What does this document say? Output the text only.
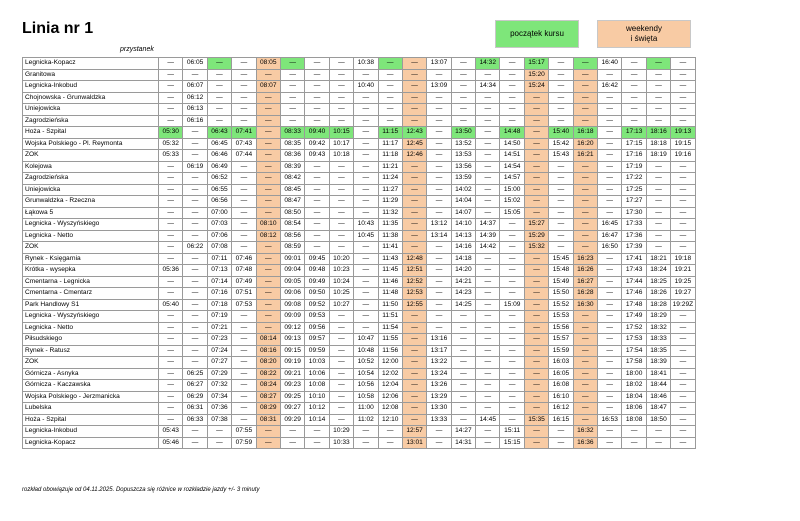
Linia nr 1	początek kursu
weekendy
i święta
przystanek
Legnicka-Kopacz	—	06:05	—	—	08:05	—	—	—	10:38	—	—	13:07	—	14:32	—	15:17	—	—	16:40	—	—	—
Granitowa	—	—	—	—	—	—	—	—	—	—	—	—	—	—	—	15:20	—	—	—	—	—	—
Legnicka-Inkobud	—	06:07	—	—	08:07	—	—	—	10:40	—	—	13:09	—	14:34	—	15:24	—	—	16:42	—	—	—
Chojnowska - Grunwaldzka	—	06:12	—	—	—	—	—	—	—	—	—	—	—	—	—	—	—	—	—	—	—	—
Uniejowicka	—	06:13	—	—	—	—	—	—	—	—	—	—	—	—	—	—	—	—	—	—	—	—
Zagrodzieńska	—	06:16	—	—	—	—	—	—	—	—	—	—	—	—	—	—	—	—	—	—	—	—
Hoża - Szpital	05:30	—	06:43	07:41	—	08:33	09:40	10:15	—	11:15	12:43	—	13:50	—	14:48	—	15:40	16:18	—	17:13	18:16	19:13
Wojska Polskiego - Pl. Reymonta	05:32	—	06:45	07:43	—	08:35	09:42	10:17	—	11:17	12:45	—	13:52	—	14:50	—	15:42	16:20	—	17:15	18:18	19:15
ZOK	05:33	—	06:46	07:44	—	08:36	09:43	10:18	—	11:18	12:46	—	13:53	—	14:51	—	15:43	16:21	—	17:16	18:19	19:16
Kolejowa	—	06:19	06:49	—	—	08:39	—	—	—	11:21	—	—	13:56	—	14:54	—	—	—	—	17:19	—	—
Zagrodzieńska	—	—	06:52	—	—	08:42	—	—	—	11:24	—	—	13:59	—	14:57	—	—	—	—	17:22	—	—
Uniejowicka	—	—	06:55	—	—	08:45	—	—	—	11:27	—	—	14:02	—	15:00	—	—	—	—	17:25	—	—
Grunwaldzka - Rzeczna	—	—	06:56	—	—	08:47	—	—	—	11:29	—	—	14:04	—	15:02	—	—	—	—	17:27	—	—
Łąkowa 5	—	—	07:00	—	—	08:50	—	—	—	11:32	—	—	14:07	—	15:05	—	—	—	—	17:30	—	—
Legnicka - Wyszyńskiego	—	—	07:03	—	08:10	08:54	—	—	10:43	11:35	—	13:12	14:10	14:37	—	15:27	—	—	16:45	17:33	—	—
Legnicka - Netto	—	—	07:06	—	08:12	08:56	—	—	10:45	11:38	—	13:14	14:13	14:39	—	15:29	—	—	16:47	17:36	—	—
ZOK	—	06:22	07:08	—	—	08:59	—	—	—	11:41	—	—	14:16	14:42	—	15:32	—	—	16:50	17:39	—	—
Rynek - Księgarnia	—	—	07:11	07:46	—	09:01	09:45	10:20	—	11:43	12:48	—	14:18	—	—	—	15:45	16:23	—	17:41	18:21	19:18
Krótka - wysepka	05:36	—	07:13	07:48	—	09:04	09:48	10:23	—	11:45	12:51	—	14:20	—	—	—	15:48	16:26	—	17:43	18:24	19:21
Cmentarna - Legnicka	—	—	07:14	07:49	—	09:05	09:49	10:24	—	11:46	12:52	—	14:21	—	—	—	15:49	16:27	—	17:44	18:25	19:25
Cmentarna - Cmentarz	—	—	07:16	07:51	—	09:06	09:50	10:25	—	11:48	12:53	—	14:23	—	—	—	15:50	16:28	—	17:46	18:26	19:27
Park Handlowy S1	05:40	—	07:18	07:53	—	09:08	09:52	10:27	—	11:50	12:55	—	14:25	—	15:09	—	15:52	16:30	—	17:48	18:28	19:29Z
Legnicka - Wyszyńskiego	—	—	07:19	—	—	09:09	09:53	—	—	11:51	—	—	—	—	—	—	15:53	—	—	17:49	18:29	—
Legnicka - Netto	—	—	07:21	—	—	09:12	09:56	—	—	11:54	—	—	—	—	—	—	15:56	—	—	17:52	18:32	—
Piłsudskiego	—	—	07:23	—	08:14	09:13	09:57	—	10:47	11:55	—	13:16	—	—	—	—	15:57	—	—	17:53	18:33	—
Rynek - Ratusz	—	—	07:24	—	08:16	09:15	09:59	—	10:48	11:56	—	13:17	—	—	—	—	15:59	—	—	17:54	18:35	—
ZOK	—	—	07:27	—	08:20	09:19	10:03	—	10:52	12:00	—	13:22	—	—	—	—	16:03	—	—	17:58	18:39	—
Górnicza - Asnyka	—	06:25	07:29	—	08:22	09:21	10:06	—	10:54	12:02	—	13:24	—	—	—	—	16:05	—	—	18:00	18:41	—
Górnicza - Kaczawska	—	06:27	07:32	—	08:24	09:23	10:08	—	10:56	12:04	—	13:26	—	—	—	—	16:08	—	—	18:02	18:44	—
Wojska Polskiego - Jerzmanicka	—	06:29	07:34	—	08:27	09:25	10:10	—	10:58	12:06	—	13:29	—	—	—	—	16:10	—	—	18:04	18:46	—
Lubelska	—	06:31	07:36	—	08:29	09:27	10:12	—	11:00	12:08	—	13:30	—	—	—	—	16:12	—	—	18:06	18:47	—
Hoża - Szpital	—	06:33	07:38	—	08:31	09:29	10:14	—	11:02	12:10	—	13:33	—	14:45	—	15:35	16:15	—	16:53	18:08	18:50	—
Legnicka-Inkobud	05:43	—	—	07:55	—	—	—	10:29	—	—	12:57	—	14:27	—	15:11	—	—	16:32	—	—	—	—
Legnicka-Kopacz	05:46	—	—	07:59	—	—	—	10:33	—	—	13:01	—	14:31	—	15:15	—	—	16:36	—	—	—	—
rozkład obowiązuje od 04.11.2025. Dopuszcza się różnice w rozkładzie jazdy +/- 3 minuty
